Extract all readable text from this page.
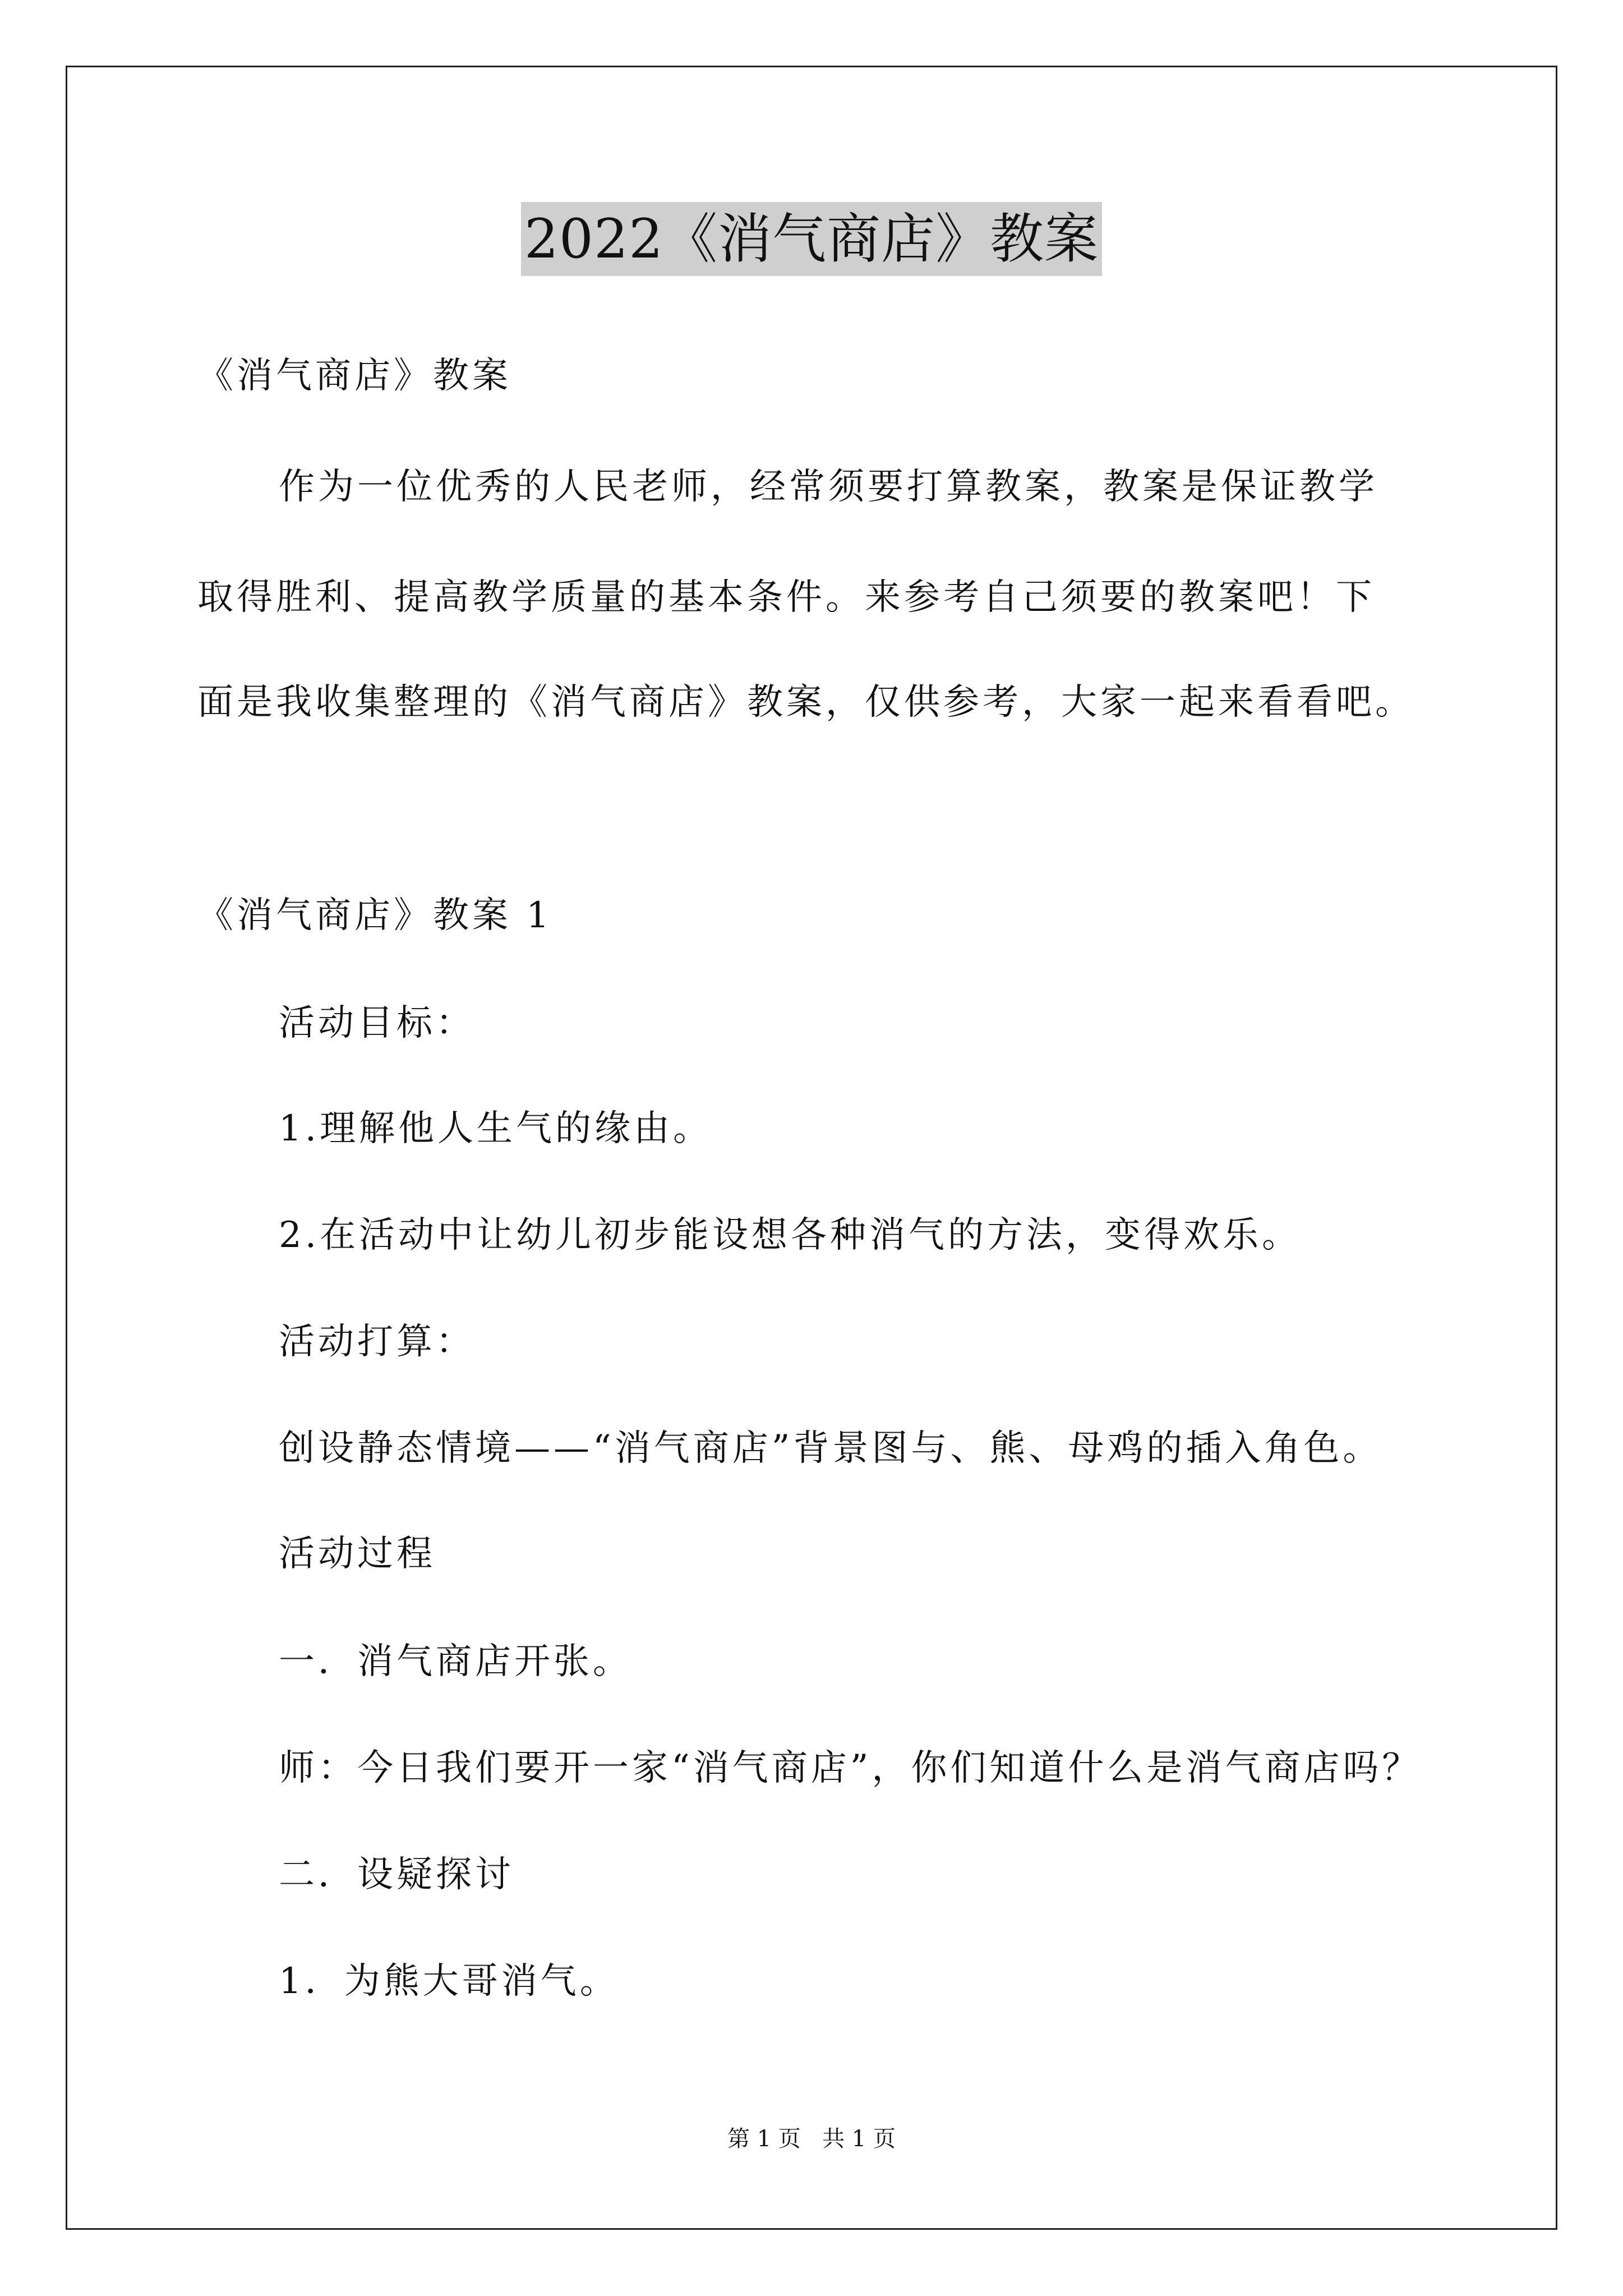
2022《消气商店》教案
《消气商店》教案
作为一位优秀的人民老师，经常须要打算教案，教案是保证教学
取得胜利、提高教学质量的基本条件。来参考自己须要的教案吧！下
面是我收集整理的《消气商店》教案，仅供参考，大家一起来看看吧。
《消气商店》教案 1
活动目标：
1.理解他人生气的缘由。
2.在活动中让幼儿初步能设想各种消气的方法，变得欢乐。
活动打算：
创设静态情境——“消气商店”背景图与、熊、母鸡的插入角色。
活动过程
一．消气商店开张。
师：今日我们要开一家“消气商店”，你们知道什么是消气商店吗？
二．设疑探讨
1．为熊大哥消气。
第 1 页   共 1 页
